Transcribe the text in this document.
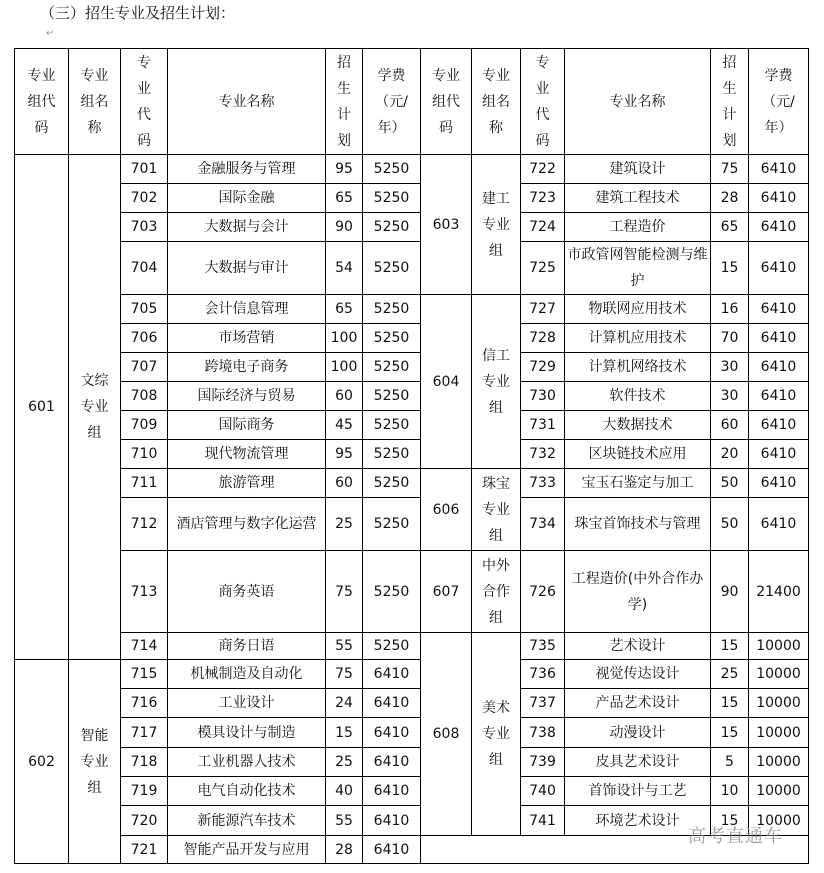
（三）招生专业及招生计划：
↵
专业组代码	专业组名称	专业代码	专业名称	招生计划	学费（元/年）	专业组代码	专业组名称	专业代码	专业名称	招生计划	学费（元/年）
601	文综专业组	701	金融服务与管理	95	5250	603	建工专业组	722	建筑设计	75	6410
		702	国际金融	65	5250			723	建筑工程技术	28	6410
		703	大数据与会计	90	5250			724	工程造价	65	6410
		704	大数据与审计	54	5250			725	市政管网智能检测与维护	15	6410
		705	会计信息管理	65	5250	604	信工专业组	727	物联网应用技术	16	6410
		706	市场营销	100	5250			728	计算机应用技术	70	6410
		707	跨境电子商务	100	5250			729	计算机网络技术	30	6410
		708	国际经济与贸易	60	5250			730	软件技术	30	6410
		709	国际商务	45	5250			731	大数据技术	60	6410
		710	现代物流管理	95	5250			732	区块链技术应用	20	6410
		711	旅游管理	60	5250	606	珠宝专业组	733	宝玉石鉴定与加工	50	6410
		712	酒店管理与数字化运营	25	5250			734	珠宝首饰技术与管理	50	6410
		713	商务英语	75	5250	607	中外合作组	726	工程造价(中外合作办学)	90	21400
		714	商务日语	55	5250	608	美术专业组	735	艺术设计	15	10000
602	智能专业组	715	机械制造及自动化	75	6410			736	视觉传达设计	25	10000
		716	工业设计	24	6410			737	产品艺术设计	15	10000
		717	模具设计与制造	15	6410			738	动漫设计	15	10000
		718	工业机器人技术	25	6410			739	皮具艺术设计	5	10000
		719	电气自动化技术	40	6410			740	首饰设计与工艺	10	10000
		720	新能源汽车技术	55	6410			741	环境艺术设计	15	10000
		721	智能产品开发与应用	28	6410						
高考直通车
